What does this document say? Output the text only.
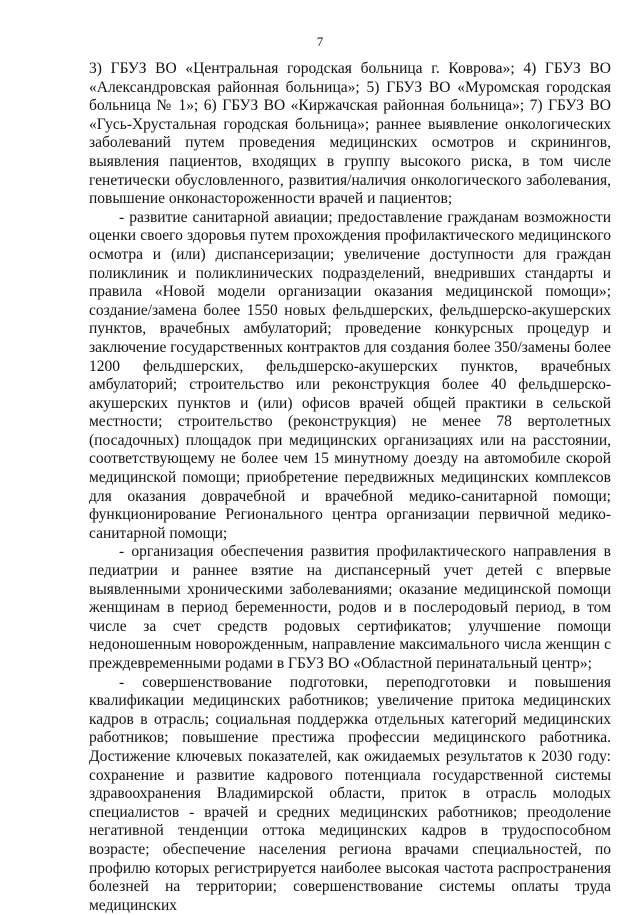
7

3) ГБУЗ ВО «Центральная городская больница г. Коврова»; 4) ГБУЗ ВО «Александровская районная больница»; 5) ГБУЗ ВО «Муромская городская больница № 1»; 6) ГБУЗ ВО «Киржачская районная больница»; 7) ГБУЗ ВО «Гусь-Хрустальная городская больница»; раннее выявление онкологических заболеваний путем проведения медицинских осмотров и скринингов, выявления пациентов, входящих в группу высокого риска, в том числе генетически обусловленного, развития/наличия онкологического заболевания, повышение онконастороженности врачей и пациентов;

- развитие санитарной авиации; предоставление гражданам возможности оценки своего здоровья путем прохождения профилактического медицинского осмотра и (или) диспансеризации; увеличение доступности для граждан поликлиник и поликлинических подразделений, внедривших стандарты и правила «Новой модели организации оказания медицинской помощи»; создание/замена более 1550 новых фельдшерских, фельдшерско-акушерских пунктов, врачебных амбулаторий; проведение конкурсных процедур и заключение государственных контрактов для создания более 350/замены более 1200 фельдшерских, фельдшерско-акушерских пунктов, врачебных амбулаторий; строительство или реконструкция более 40 фельдшерско-акушерских пунктов и (или) офисов врачей общей практики в сельской местности; строительство (реконструкция) не менее 78 вертолетных (посадочных) площадок при медицинских организациях или на расстоянии, соответствующему не более чем 15 минутному доезду на автомобиле скорой медицинской помощи; приобретение передвижных медицинских комплексов для оказания доврачебной и врачебной медико-санитарной помощи; функционирование Регионального центра организации первичной медико-санитарной помощи;

- организация обеспечения развития профилактического направления в педиатрии и раннее взятие на диспансерный учет детей с впервые выявленными хроническими заболеваниями; оказание медицинской помощи женщинам в период беременности, родов и в послеродовый период, в том числе за счет средств родовых сертификатов; улучшение помощи недоношенным новорожденным, направление максимального числа женщин с преждевременными родами в ГБУЗ ВО «Областной перинатальный центр»;

- совершенствование подготовки, переподготовки и повышения квалификации медицинских работников; увеличение притока медицинских кадров в отрасль; социальная поддержка отдельных категорий медицинских работников; повышение престижа профессии медицинского работника. Достижение ключевых показателей, как ожидаемых результатов к 2030 году: сохранение и развитие кадрового потенциала государственной системы здравоохранения Владимирской области, приток в отрасль молодых специалистов - врачей и средних медицинских работников; преодоление негативной тенденции оттока медицинских кадров в трудоспособном возрасте; обеспечение населения региона врачами специальностей, по профилю которых регистрируется наиболее высокая частота распространения болезней на территории; совершенствование системы оплаты труда медицинских
